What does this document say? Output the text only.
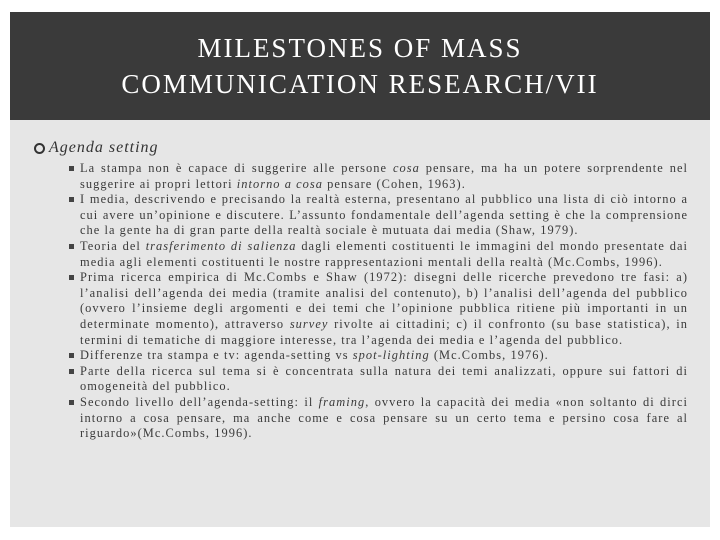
MILESTONES OF MASS
COMMUNICATION RESEARCH/VII
Agenda setting
La stampa non è capace di suggerire alle persone cosa pensare, ma ha un potere sorprendente nel suggerire ai propri lettori intorno a cosa pensare (Cohen, 1963).
I media, descrivendo e precisando la realtà esterna, presentano al pubblico una lista di ciò intorno a cui avere un’opinione e discutere. L’assunto fondamentale dell’agenda setting è che la comprensione che la gente ha di gran parte della realtà sociale è mutuata dai media (Shaw, 1979).
Teoria del trasferimento di salienza dagli elementi costituenti le immagini del mondo presentate dai media agli elementi costituenti le nostre rappresentazioni mentali della realtà (Mc.Combs, 1996).
Prima ricerca empirica di Mc.Combs e Shaw (1972): disegni delle ricerche prevedono tre fasi: a) l’analisi dell’agenda dei media (tramite analisi del contenuto), b) l’analisi dell’agenda del pubblico (ovvero l’insieme degli argomenti e dei temi che l’opinione pubblica ritiene più importanti in un determinate momento), attraverso survey rivolte ai cittadini; c) il confronto (su base statistica), in termini di tematiche di maggiore interesse, tra l’agenda dei media e l’agenda del pubblico.
Differenze tra stampa e tv: agenda-setting vs spot-lighting (Mc.Combs, 1976).
Parte della ricerca sul tema si è concentrata sulla natura dei temi analizzati, oppure sui fattori di omogeneità del pubblico.
Secondo livello dell’agenda-setting: il framing, ovvero la capacità dei media «non soltanto di dirci intorno a cosa pensare, ma anche come e cosa pensare su un certo tema e persino cosa fare al riguardo»(Mc.Combs, 1996).
